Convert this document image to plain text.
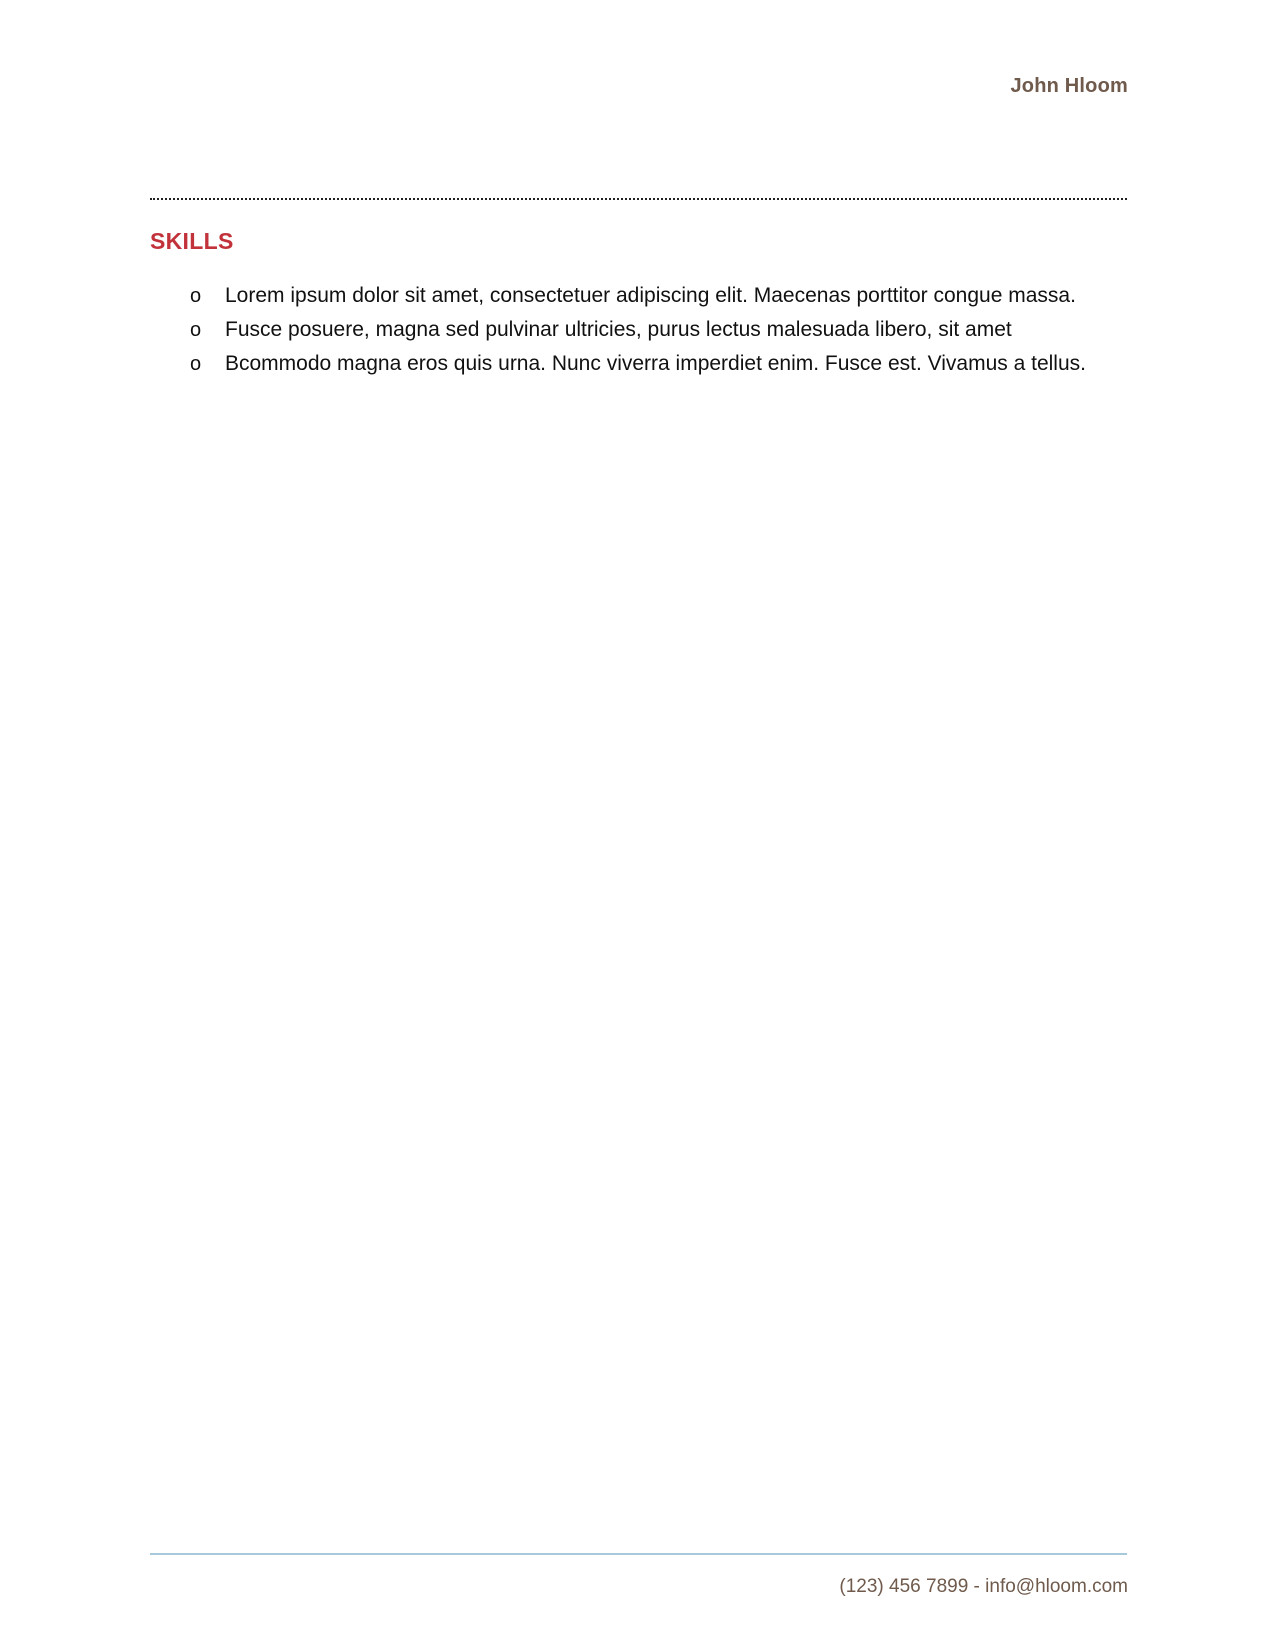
John Hloom
SKILLS
o Lorem ipsum dolor sit amet, consectetuer adipiscing elit. Maecenas porttitor congue massa.
o Fusce posuere, magna sed pulvinar ultricies, purus lectus malesuada libero, sit amet
o Bcommodo magna eros quis urna. Nunc viverra imperdiet enim. Fusce est. Vivamus a tellus.
(123) 456 7899 - info@hloom.com
